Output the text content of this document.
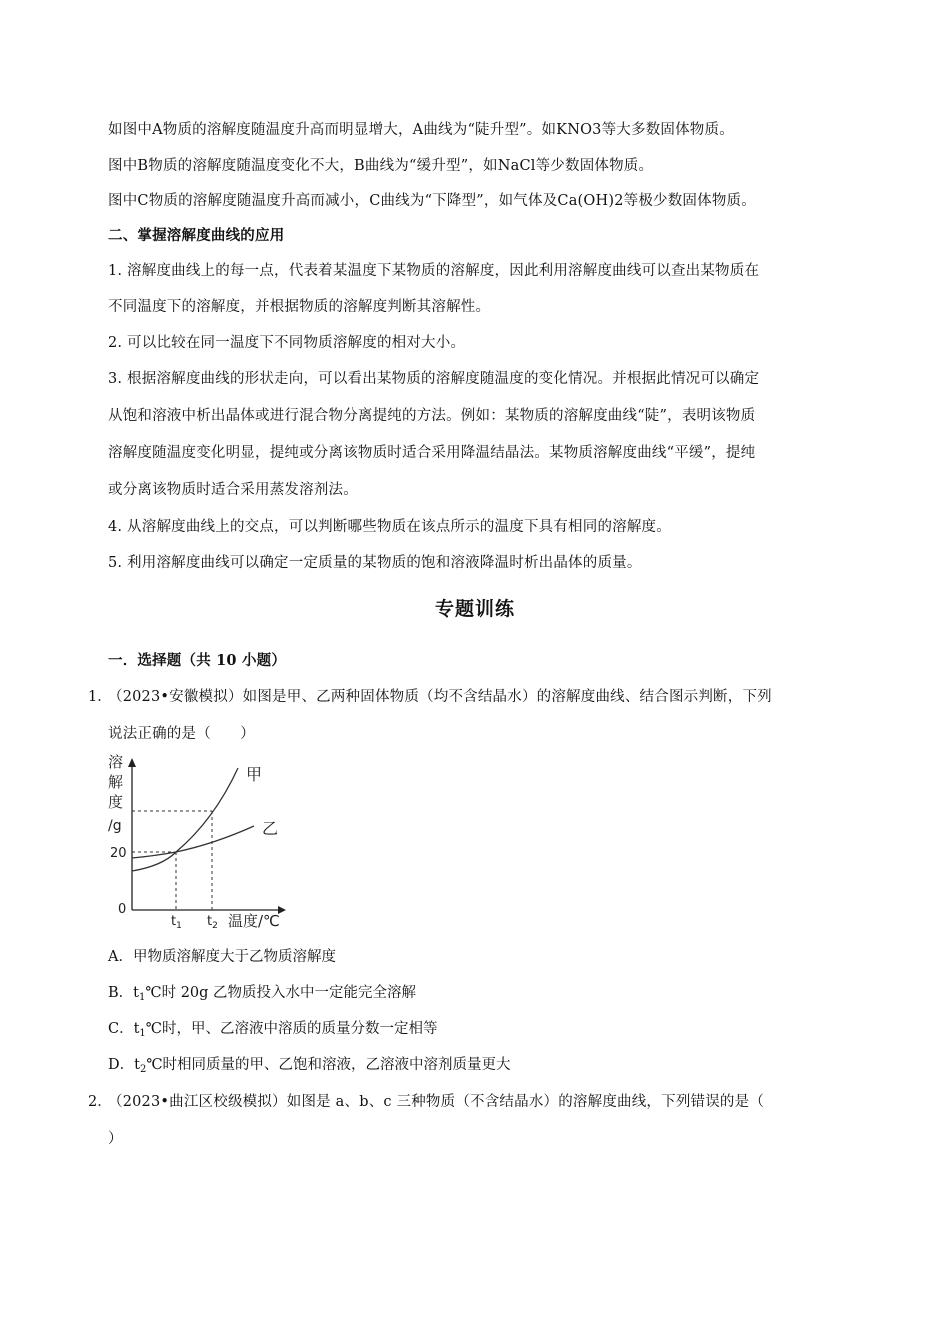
如图中A物质的溶解度随温度升高而明显增大，A曲线为“陡升型”。如KNO3等大多数固体物质。
图中B物质的溶解度随温度变化不大，B曲线为“缓升型”，如NaCl等少数固体物质。
图中C物质的溶解度随温度升高而减小，C曲线为“下降型”，如气体及Ca(OH)2等极少数固体物质。
二、掌握溶解度曲线的应用
1. 溶解度曲线上的每一点，代表着某温度下某物质的溶解度，因此利用溶解度曲线可以查出某物质在
不同温度下的溶解度，并根据物质的溶解度判断其溶解性。
2. 可以比较在同一温度下不同物质溶解度的相对大小。
3. 根据溶解度曲线的形状走向，可以看出某物质的溶解度随温度的变化情况。并根据此情况可以确定
从饱和溶液中析出晶体或进行混合物分离提纯的方法。例如：某物质的溶解度曲线“陡”，表明该物质
溶解度随温度变化明显，提纯或分离该物质时适合采用降温结晶法。某物质溶解度曲线“平缓”，提纯
或分离该物质时适合采用蒸发溶剂法。
4. 从溶解度曲线上的交点，可以判断哪些物质在该点所示的温度下具有相同的溶解度。
5. 利用溶解度曲线可以确定一定质量的某物质的饱和溶液降温时析出晶体的质量。
专题训练
一．选择题（共 10 小题）
1．
（2023•安徽模拟）如图是甲、乙两种固体物质（均不含结晶水）的溶解度曲线、结合图示判断，下列
说法正确的是（　　）
溶
解
度
/g
20
0
$t_1$ $t_2$ 温度/℃
甲
乙
A．甲物质溶解度大于乙物质溶解度
B．$t_1℃$时 20g 乙物质投入水中一定能完全溶解
C．$t_1℃$时，甲、乙溶液中溶质的质量分数一定相等
D．$t_2℃$时相同质量的甲、乙饱和溶液，乙溶液中溶剂质量更大
2．
（2023•曲江区校级模拟）如图是 a、b、c 三种物质（不含结晶水）的溶解度曲线，下列错误的是（
）
